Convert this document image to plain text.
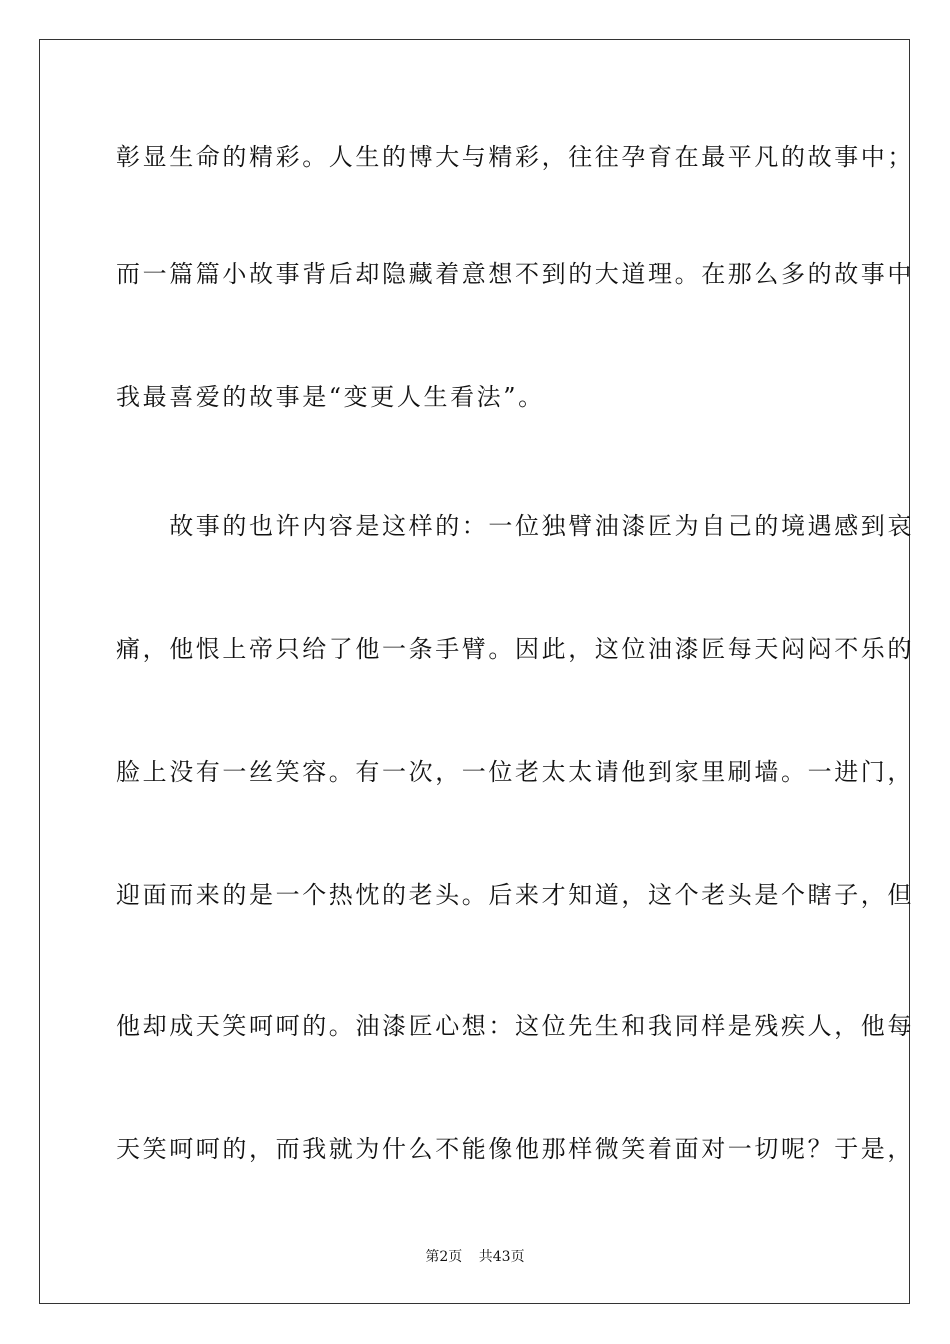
彰显生命的精彩。人生的博大与精彩，往往孕育在最平凡的故事中；
而一篇篇小故事背后却隐藏着意想不到的大道理。在那么多的故事中
我最喜爱的故事是“变更人生看法”。
　　故事的也许内容是这样的：一位独臂油漆匠为自己的境遇感到哀
痛，他恨上帝只给了他一条手臂。因此，这位油漆匠每天闷闷不乐的
脸上没有一丝笑容。有一次，一位老太太请他到家里刷墙。一进门，
迎面而来的是一个热忱的老头。后来才知道，这个老头是个瞎子，但
他却成天笑呵呵的。油漆匠心想：这位先生和我同样是残疾人，他每
天笑呵呵的，而我就为什么不能像他那样微笑着面对一切呢？于是，
第2页 共43页
